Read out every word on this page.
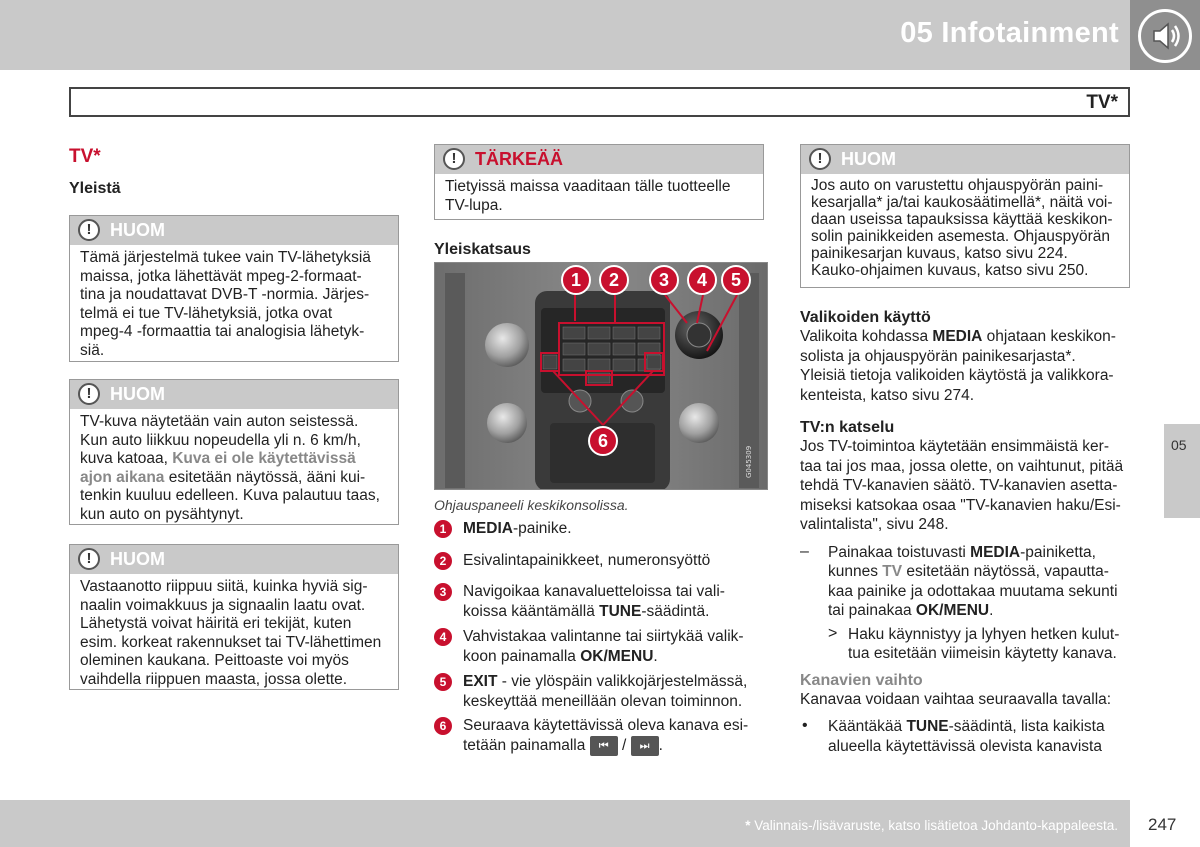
05 Infotainment
TV*
TV*
Yleistä
!	HUOM
Tämä järjestelmä tukee vain TV-lähetyksiä
maissa, jotka lähettävät mpeg-2-formaat-
tina ja noudattavat DVB-T -normia. Järjes-
telmä ei tue TV-lähetyksiä, jotka ovat
mpeg-4 -formaattia tai analogisia lähetyk-
siä.
!	HUOM
TV-kuva näytetään vain auton seistessä.
Kun auto liikkuu nopeudella yli n. 6 km/h,
kuva katoaa, Kuva ei ole käytettävissä
ajon aikana esitetään näytössä, ääni kui-
tenkin kuuluu edelleen. Kuva palautuu taas,
kun auto on pysähtynyt.
!	HUOM
Vastaanotto riippuu siitä, kuinka hyviä sig-
naalin voimakkuus ja signaalin laatu ovat.
Lähetystä voivat häiritä eri tekijät, kuten
esim. korkeat rakennukset tai TV-lähettimen
oleminen kaukana. Peittoaste voi myös
vaihdella riippuen maasta, jossa olette.
!	TÄRKEÄÄ
Tietyissä maissa vaaditaan tälle tuotteelle
TV-lupa.
Yleiskatsaus
G045309
1	2	3	4	5
6
Ohjauspaneeli keskikonsolissa.
1	MEDIA-painike.
2	Esivalintapainikkeet, numeronsyöttö
3	Navigoikaa kanavaluetteloissa tai vali-
koissa kääntämällä TUNE-säädintä.
4	Vahvistakaa valintanne tai siirtykää valik-
koon painamalla OK/MENU.
5	EXIT - vie ylöspäin valikkojärjestelmässä,
keskeyttää meneillään olevan toiminnon.
6	Seuraava käytettävissä oleva kanava esi-
tetään painamalla ⏮ / ⏭ .
!	HUOM
Jos auto on varustettu ohjauspyörän paini-
kesarjalla* ja/tai kaukosäätimellä*, näitä voi-
daan useissa tapauksissa käyttää keskikon-
solin painikkeiden asemesta. Ohjauspyörän
painikesarjan kuvaus, katso sivu 224.
Kauko-ohjaimen kuvaus, katso sivu 250.
Valikoiden käyttö

Valikoita kohdassa MEDIA ohjataan keskikon-
solista ja ohjauspyörän painikesarjasta*.
Yleisiä tietoja valikoiden käytöstä ja valikkora-
kenteista, katso sivu 274.

TV:n katselu

Jos TV-toimintoa käytetään ensimmäistä ker-
taa tai jos maa, jossa olette, on vaihtunut, pitää
tehdä TV-kanavien säätö. TV-kanavien asetta-
miseksi katsokaa osaa "TV-kanavien haku/Esi-
valintalista", sivu 248.

– Painakaa toistuvasti MEDIA-painiketta,
kunnes TV esitetään näytössä, vapautta-
kaa painike ja odottakaa muutama sekunti
tai painakaa OK/MENU.

> Haku käynnistyy ja lyhyen hetken kulut-
tua esitetään viimeisin käytetty kanava.

Kanavien vaihto

Kanavaa voidaan vaihtaa seuraavalla tavalla:

• Kääntäkää TUNE-säädintä, lista kaikista
alueella käytettävissä olevista kanavista

05
* Valinnais-/lisävaruste, katso lisätietoa Johdanto-kappaleesta. 247
